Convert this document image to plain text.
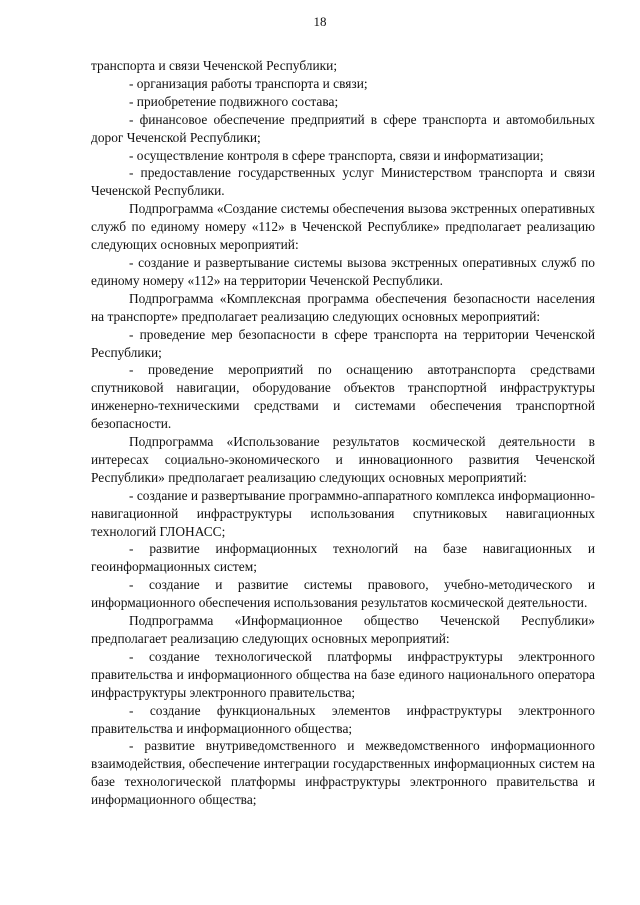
18

транспорта и связи Чеченской Республики;

- организация работы транспорта и связи;

- приобретение подвижного состава;

- финансовое обеспечение предприятий в сфере транспорта и автомобильных дорог Чеченской Республики;

- осуществление контроля в сфере транспорта, связи и информатизации;

- предоставление государственных услуг Министерством транспорта и связи Чеченской Республики.

Подпрограмма «Создание системы обеспечения вызова экстренных оперативных служб по единому номеру «112» в Чеченской Республике» предполагает реализацию следующих основных мероприятий:

- создание и развертывание системы вызова экстренных оперативных служб по единому номеру «112» на территории Чеченской Республики.

Подпрограмма «Комплексная программа обеспечения безопасности населения на транспорте» предполагает реализацию следующих основных мероприятий:

- проведение мер безопасности в сфере транспорта на территории Чеченской Республики;

- проведение мероприятий по оснащению автотранспорта средствами спутниковой навигации, оборудование объектов транспортной инфраструктуры инженерно-техническими средствами и системами обеспечения транспортной безопасности.

Подпрограмма «Использование результатов космической деятельности в интересах социально-экономического и инновационного развития Чеченской Республики» предполагает реализацию следующих основных мероприятий:

- создание и развертывание программно-аппаратного комплекса информационно-навигационной инфраструктуры использования спутниковых навигационных технологий ГЛОНАСС;

- развитие информационных технологий на базе навигационных и геоинформационных систем;

- создание и развитие системы правового, учебно-методического и информационного обеспечения использования результатов космической деятельности.

Подпрограмма «Информационное общество Чеченской Республики» предполагает реализацию следующих основных мероприятий:

- создание технологической платформы инфраструктуры электронного правительства и информационного общества на базе единого национального оператора инфраструктуры электронного правительства;

- создание функциональных элементов инфраструктуры электронного правительства и информационного общества;

- развитие внутриведомственного и межведомственного информационного взаимодействия, обеспечение интеграции государственных информационных систем на базе технологической платформы инфраструктуры электронного правительства и информационного общества;
